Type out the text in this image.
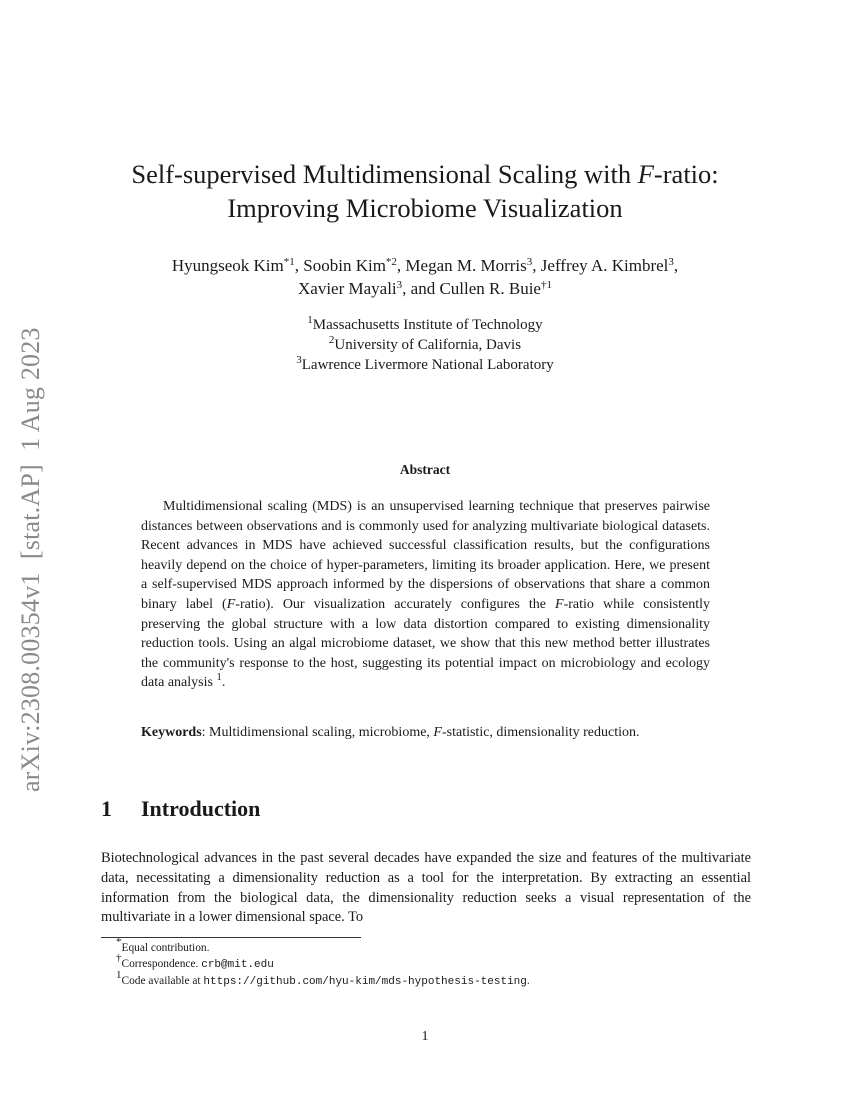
arXiv:2308.00354v1  [stat.AP]  1 Aug 2023
Self-supervised Multidimensional Scaling with F-ratio:
Improving Microbiome Visualization
Hyungseok Kim$^{*1}$, Soobin Kim$^{*2}$, Megan M. Morris$^3$, Jeffrey A. Kimbrel$^3$,
Xavier Mayali$^3$, and Cullen R. Buie$^{\dagger 1}$
$^1$Massachusetts Institute of Technology
$^2$University of California, Davis
$^3$Lawrence Livermore National Laboratory
Abstract
Multidimensional scaling (MDS) is an unsupervised learning technique that preserves pairwise distances between observations and is commonly used for analyzing multivariate biological datasets. Recent advances in MDS have achieved successful classification results, but the configurations heavily depend on the choice of hyper-parameters, limiting its broader application. Here, we present a self-supervised MDS approach informed by the dispersions of observations that share a common binary label (F-ratio). Our visualization accurately configures the F-ratio while consistently preserving the global structure with a low data distortion compared to existing dimensionality reduction tools. Using an algal microbiome dataset, we show that this new method better illustrates the community's response to the host, suggesting its potential impact on microbiology and ecology data analysis $^1$.
Keywords: Multidimensional scaling, microbiome, F-statistic, dimensionality reduction.
1 Introduction
Biotechnological advances in the past several decades have expanded the size and features of the multivariate data, necessitating a dimensionality reduction as a tool for the interpretation. By extracting an essential information from the biological data, the dimensionality reduction seeks a visual representation of the multivariate in a lower dimensional space. To
*Equal contribution.
†Correspondence. crb@mit.edu
$^1$Code available at https://github.com/hyu-kim/mds-hypothesis-testing.
1
